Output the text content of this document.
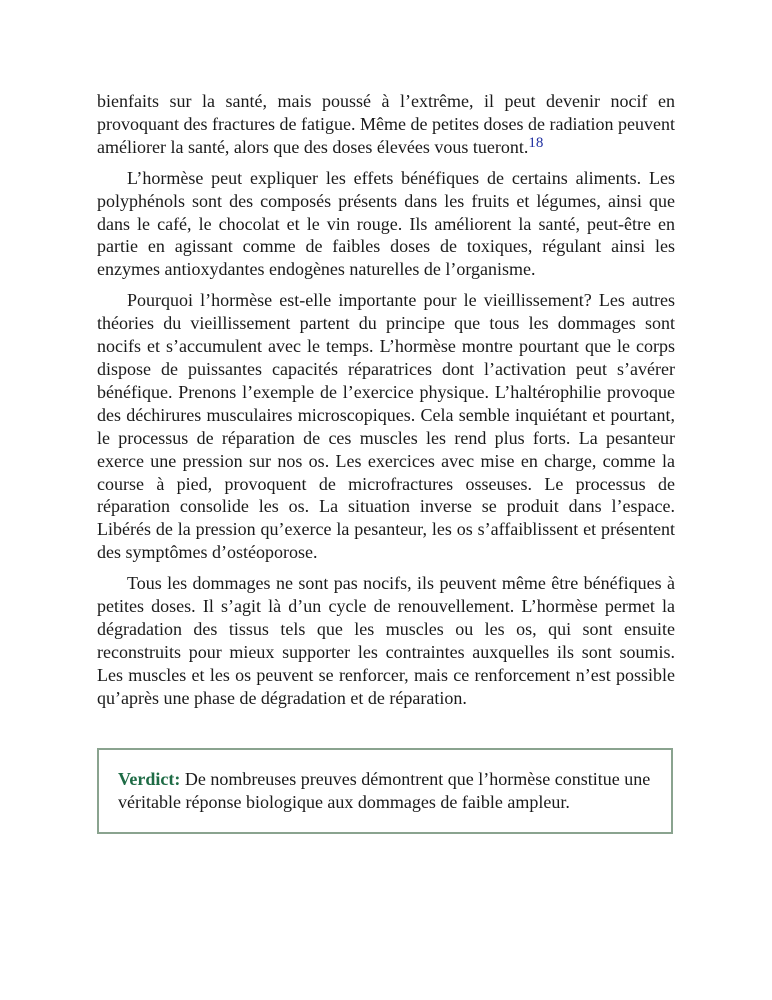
bienfaits sur la santé, mais poussé à l’extrême, il peut devenir nocif en provoquant des fractures de fatigue. Même de petites doses de radiation peuvent améliorer la santé, alors que des doses élevées vous tueront.$^{18}$

L’hormèse peut expliquer les effets bénéfiques de certains aliments. Les polyphénols sont des composés présents dans les fruits et légumes, ainsi que dans le café, le chocolat et le vin rouge. Ils améliorent la santé, peut-être en partie en agissant comme de faibles doses de toxiques, régulant ainsi les enzymes antioxydantes endogènes naturelles de l’organisme.

Pourquoi l’hormèse est-elle importante pour le vieillissement? Les autres théories du vieillissement partent du principe que tous les dommages sont nocifs et s’accumulent avec le temps. L’hormèse montre pourtant que le corps dispose de puissantes capacités réparatrices dont l’activation peut s’avérer bénéfique. Prenons l’exemple de l’exercice physique. L’haltérophilie provoque des déchirures musculaires microscopiques. Cela semble inquiétant et pourtant, le processus de réparation de ces muscles les rend plus forts. La pesanteur exerce une pression sur nos os. Les exercices avec mise en charge, comme la course à pied, provoquent de microfractures osseuses. Le processus de réparation consolide les os. La situation inverse se produit dans l’espace. Libérés de la pression qu’exerce la pesanteur, les os s’affaiblissent et présentent des symptômes d’ostéoporose.

Tous les dommages ne sont pas nocifs, ils peuvent même être bénéfiques à petites doses. Il s’agit là d’un cycle de renouvellement. L’hormèse permet la dégradation des tissus tels que les muscles ou les os, qui sont ensuite reconstruits pour mieux supporter les contraintes auxquelles ils sont soumis. Les muscles et les os peuvent se renforcer, mais ce renforcement n’est possible qu’après une phase de dégradation et de réparation.

Verdict: De nombreuses preuves démontrent que l’hormèse constitue une véritable réponse biologique aux dommages de faible ampleur.
